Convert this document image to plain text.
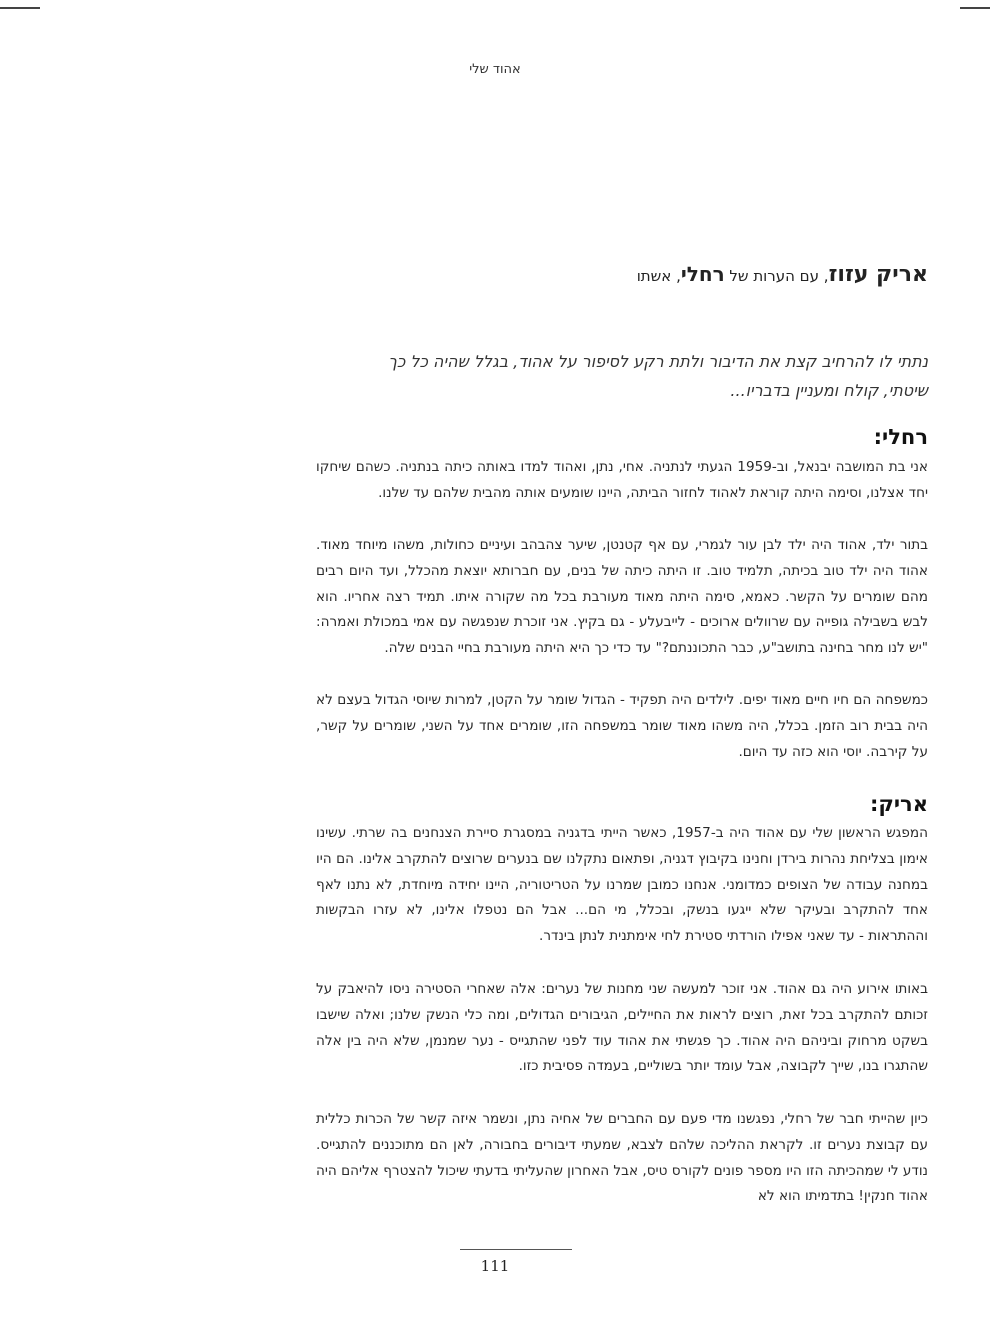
אהוד שלי
אריק עזוז, עם הערות של רחלי, אשתו
נתתי לו להרחיב קצת את הדיבור ולתת רקע לסיפור על אהוד, בגלל שהיה כל כך שיטתי, קולח ומעניין בדבריו...
רחלי:
אני בת המושבה יבנאל, וב-1959 הגעתי לנתניה. אחי, נתן, ואהוד למדו באותה כיתה בנתניה. כשהם שיחקו יחד אצלנו, וסימה היתה קוראת לאהוד לחזור הביתה, היינו שומעים אותה מהבית שלהם עד שלנו.
בתור ילד, אהוד היה ילד לבן עור לגמרי, עם אף קטנטן, שיער צהבהב ועיניים כחולות, משהו מיוחד מאוד. אהוד היה ילד טוב בכיתה, תלמיד טוב. זו היתה כיתה של בנים, עם חברותא יוצאת מהכלל, ועד היום רבים מהם שומרים על הקשר. כאמא, סימה היתה מאוד מעורבת בכל מה שקורה איתו. תמיד רצה אחריו. הוא לבש בשבילה גופייה עם שרוולים ארוכים - לייבעלע - גם בקיץ. אני זוכרת שנפגשה עם אמי במכולת ואמרה: "יש לנו מחר בחינה בתושב"ע, כבר התכוננתם?" עד כדי כך היא היתה מעורבת בחיי הבנים שלה.
כמשפחה הם חיו חיים מאוד יפים. לילדים היה תפקיד - הגדול שומר על הקטן, למרות שיוסי הגדול בעצם לא היה בבית רוב הזמן. בכלל, היה משהו מאוד שומר במשפחה הזו, שומרים אחד על השני, שומרים על קשר, על קירבה. יוסי הוא כזה עד היום.
אריק:
המפגש הראשון שלי עם אהוד היה ב-1957, כאשר הייתי בדגניה במסגרת סיירת הצנחנים בה שרתי. עשינו אימון בצליחת נהרות בירדן וחנינו בקיבוץ דגניה, ופתאום נתקלנו שם בנערים שרוצים להתקרב אלינו. הם היו במחנה עבודה של הצופים כמדומני. אנחנו כמובן שמרנו על הטריטוריה, היינו יחידה מיוחדת, לא נתנו לאף אחד להתקרב ובעיקר שלא ייגעו בנשק, ובכלל, מי הם... אבל הם נטפלו אלינו, לא עזרו הבקשות וההתראות - עד שאני אפילו הורדתי סטירת לחי אימתנית לנתן בינדר.
באותו אירוע היה גם אהוד. אני זוכר למעשה שני מחנות של נערים: אלה שאחרי הסטירה ניסו להיאבק על זכותם להתקרב בכל זאת, רוצים לראות את החיילים, הגיבורים הגדולים, ומה כלי הנשק שלנו; ואלה שישבו בשקט מרחוק וביניהם היה אהוד. כך פגשתי את אהוד עוד לפני שהתגייס - נער שמנמן, שלא היה בין אלה שהתגרו בנו, שייך לקבוצה, אבל עומד יותר בשוליים, בעמדה פסיבית כזו.
כיון שהייתי חבר של רחלי, נפגשנו מדי פעם עם החברים של אחיה נתן, ונשמר איזה קשר של הכרות כללית עם קבוצת נערים זו. לקראת ההליכה שלהם לצבא, שמעתי דיבורים בחבורה, לאן הם מתוכננים להתגייס. נודע לי שמהכיתה הזו היו מספר פונים לקורס טיס, אבל האחרון שהעליתי בדעתי שיכול להצטרף אליהם היה אהוד חנקין! בתדמיתו הוא לא
111
